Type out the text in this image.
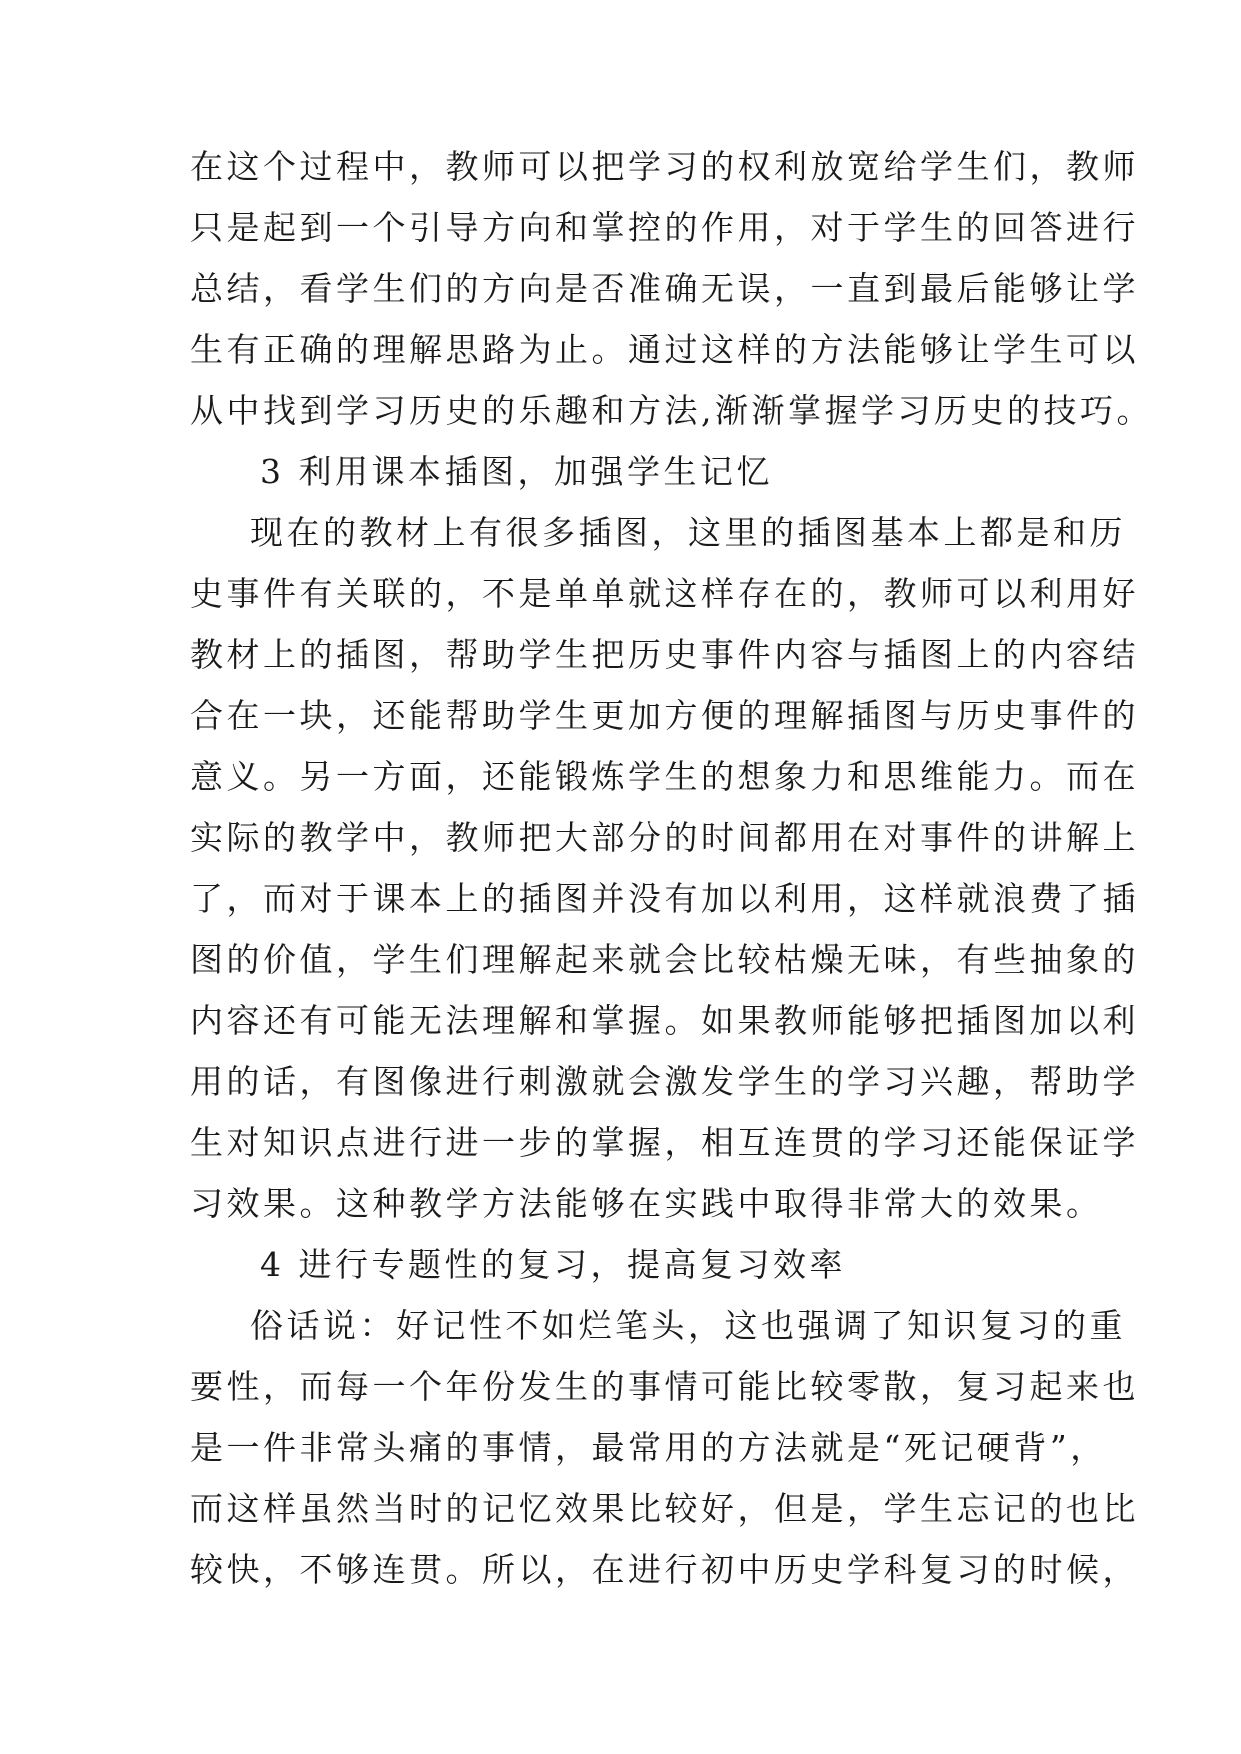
在这个过程中，教师可以把学习的权利放宽给学生们，教师
只是起到一个引导方向和掌控的作用，对于学生的回答进行
总结，看学生们的方向是否准确无误，一直到最后能够让学
生有正确的理解思路为止。通过这样的方法能够让学生可以
从中找到学习历史的乐趣和方法,渐渐掌握学习历史的技巧。
3 利用课本插图，加强学生记忆
现在的教材上有很多插图，这里的插图基本上都是和历
史事件有关联的，不是单单就这样存在的，教师可以利用好
教材上的插图，帮助学生把历史事件内容与插图上的内容结
合在一块，还能帮助学生更加方便的理解插图与历史事件的
意义。另一方面，还能锻炼学生的想象力和思维能力。而在
实际的教学中，教师把大部分的时间都用在对事件的讲解上
了，而对于课本上的插图并没有加以利用，这样就浪费了插
图的价值，学生们理解起来就会比较枯燥无味，有些抽象的
内容还有可能无法理解和掌握。如果教师能够把插图加以利
用的话，有图像进行刺激就会激发学生的学习兴趣，帮助学
生对知识点进行进一步的掌握，相互连贯的学习还能保证学
习效果。这种教学方法能够在实践中取得非常大的效果。
4 进行专题性的复习，提高复习效率
俗话说：好记性不如烂笔头，这也强调了知识复习的重
要性，而每一个年份发生的事情可能比较零散，复习起来也
是一件非常头痛的事情，最常用的方法就是“死记硬背”，
而这样虽然当时的记忆效果比较好，但是，学生忘记的也比
较快，不够连贯。所以，在进行初中历史学科复习的时候，
